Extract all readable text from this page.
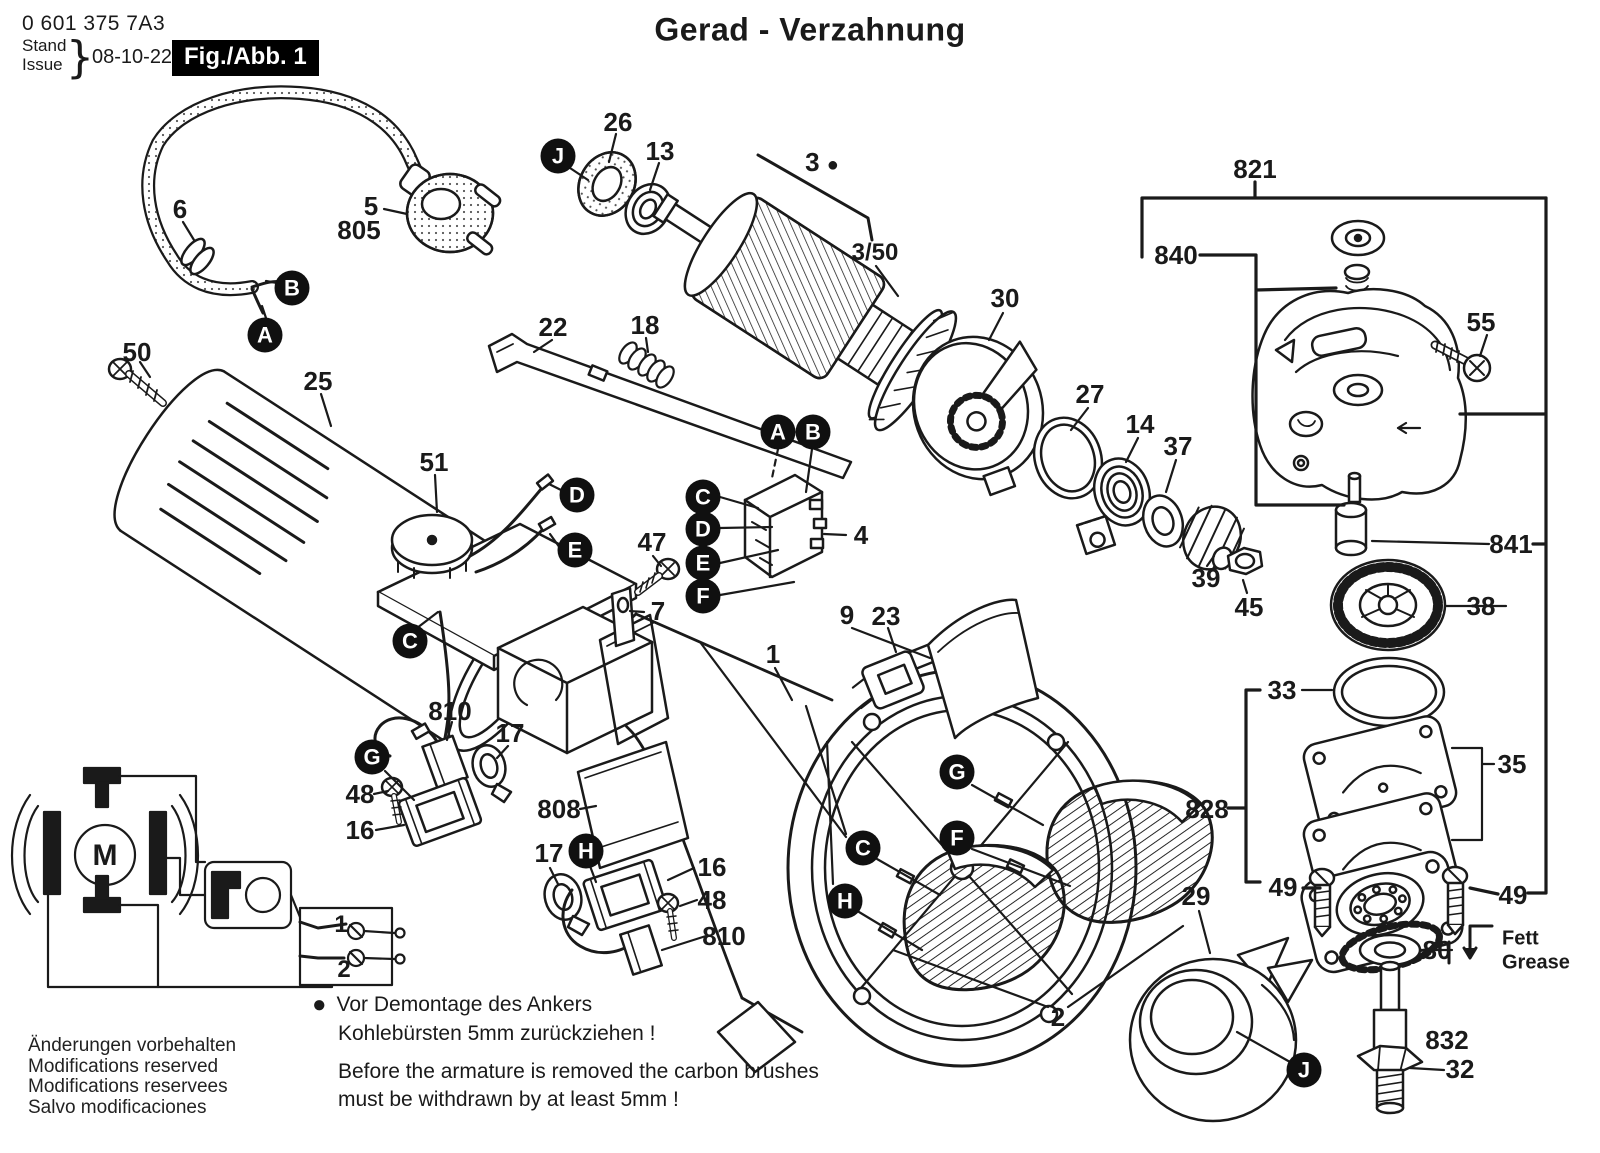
0 601 375 7A3
Stand
Issue }
08-10-22 Fig./Abb. 1
Gerad - Verzahnung
50
25
51
6	5
805
26
13	3 ●
3/50
22 18
47
7
4
9 23
1
808
810
17
48
16
17	16
48
810
30
27
14
37
39
45
821
840
55
841
38
33
35
828
49	49
80
832
32
29
2
Fett
Grease
J
A
B
C
D
E
A B
C
D
E
F
G
H
G
F
C
H
J
M
1
2
● Vor Demontage des Ankers
Kohlebürsten 5mm zurückziehen !
Before the armature is removed the carbon brushes
must be withdrawn by at least 5mm !
Änderungen vorbehalten
Modifications reserved
Modifications reservees
Salvo modificaciones
